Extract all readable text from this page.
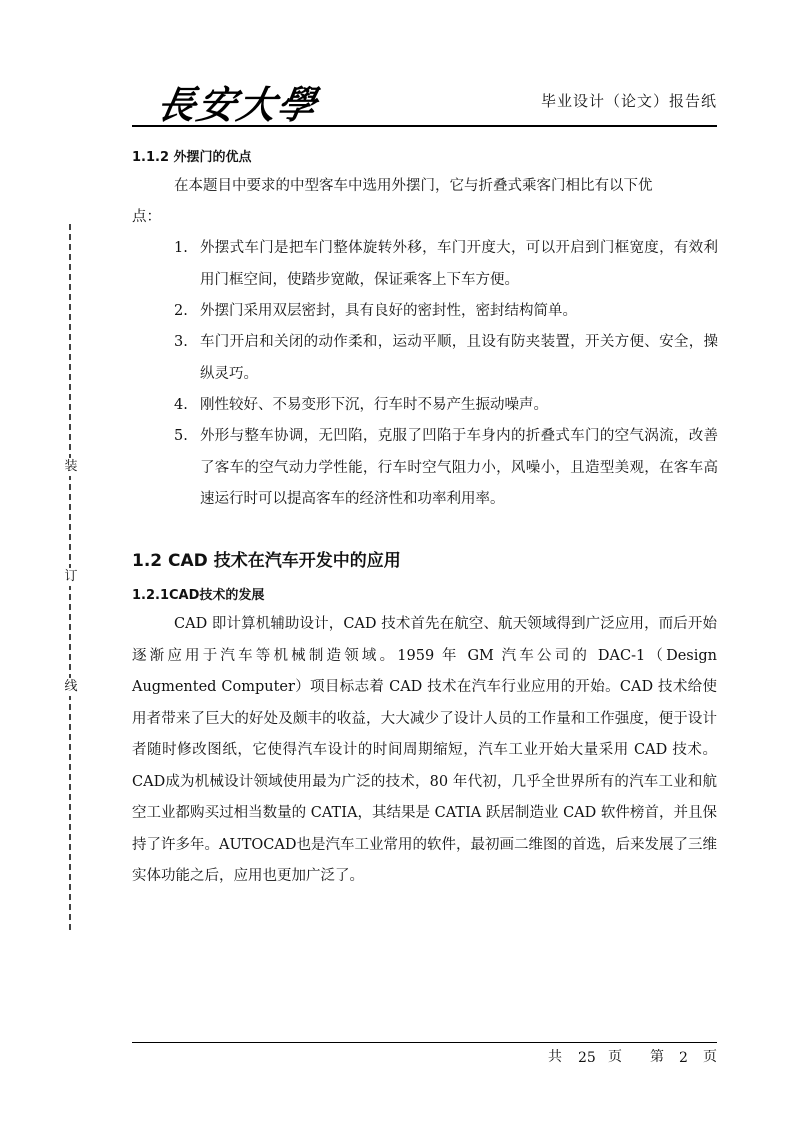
長安大學	毕业设计（论文）报告纸
装
订
线
1.1.2 外摆门的优点
在本题目中要求的中型客车中选用外摆门，它与折叠式乘客门相比有以下优
点：
1. 外摆式车门是把车门整体旋转外移，车门开度大，可以开启到门框宽度，有效利用门框空间，使踏步宽敞，保证乘客上下车方便。
2. 外摆门采用双层密封，具有良好的密封性，密封结构简单。
3. 车门开启和关闭的动作柔和，运动平顺，且设有防夹装置，开关方便、安全，操纵灵巧。
4. 刚性较好、不易变形下沉，行车时不易产生振动噪声。
5. 外形与整车协调，无凹陷，克服了凹陷于车身内的折叠式车门的空气涡流，改善了客车的空气动力学性能，行车时空气阻力小，风噪小，且造型美观，在客车高速运行时可以提高客车的经济性和功率利用率。
1.2 CAD 技术在汽车开发中的应用
1.2.1CAD技术的发展
CAD 即计算机辅助设计，CAD 技术首先在航空、航天领域得到广泛应用，而后开始逐渐应用于汽车等机械制造领域。1959 年 GM 汽车公司的 DAC-1（Design Augmented Computer）项目标志着 CAD 技术在汽车行业应用的开始。CAD 技术给使用者带来了巨大的好处及颇丰的收益，大大减少了设计人员的工作量和工作强度，便于设计者随时修改图纸，它使得汽车设计的时间周期缩短，汽车工业开始大量采用 CAD 技术。CAD成为机械设计领域使用最为广泛的技术，80 年代初，几乎全世界所有的汽车工业和航空工业都购买过相当数量的 CATIA，其结果是 CATIA 跃居制造业 CAD 软件榜首，并且保持了许多年。AUTOCAD也是汽车工业常用的软件，最初画二维图的首选，后来发展了三维实体功能之后，应用也更加广泛了。
共 25 页 第 2 页
